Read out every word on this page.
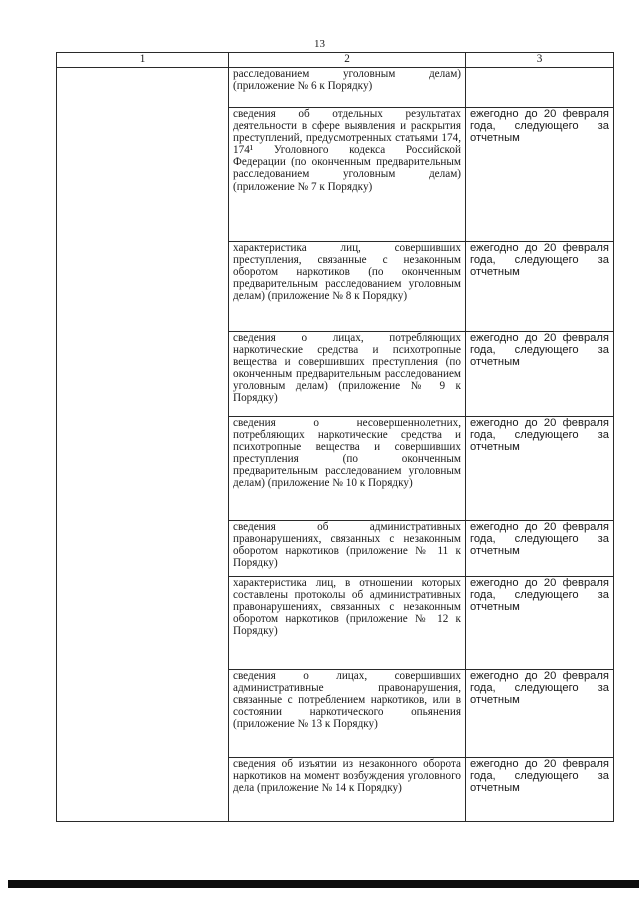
13
1	2	3
	расследованием уголовным делам) (приложение № 6 к Порядку)	
	сведения об отдельных результатах деятельности в сфере выявления и раскрытия преступлений, предусмотренных статьями 174, 174¹ Уголовного кодекса Российской Федерации (по оконченным предварительным расследованием уголовным делам) (приложение № 7 к Порядку)	ежегодно до 20 февраля года, следующего за отчетным
	характеристика лиц, совершивших преступления, связанные с незаконным оборотом наркотиков (по оконченным предварительным расследованием уголовным делам) (приложение № 8 к Порядку)	ежегодно до 20 февраля года, следующего за отчетным
	сведения о лицах, потребляющих наркотические средства и психотропные вещества и совершивших преступления (по оконченным предварительным расследованием уголовным делам) (приложение № 9 к Порядку)	ежегодно до 20 февраля года, следующего за отчетным
	сведения о несовершеннолетних, потребляющих наркотические средства и психотропные вещества и совершивших преступления (по оконченным предварительным расследованием уголовным делам) (приложение № 10 к Порядку)	ежегодно до 20 февраля года, следующего за отчетным
	сведения об административных правонарушениях, связанных с незаконным оборотом наркотиков (приложение № 11 к Порядку)	ежегодно до 20 февраля года, следующего за отчетным
	характеристика лиц, в отношении которых составлены протоколы об административных правонарушениях, связанных с незаконным оборотом наркотиков (приложение № 12 к Порядку)	ежегодно до 20 февраля года, следующего за отчетным
	сведения о лицах, совершивших административные правонарушения, связанные с потреблением наркотиков, или в состоянии наркотического опьянения (приложение № 13 к Порядку)	ежегодно до 20 февраля года, следующего за отчетным
	сведения об изъятии из незаконного оборота наркотиков на момент возбуждения уголовного дела (приложение № 14 к Порядку)	ежегодно до 20 февраля года, следующего за отчетным
